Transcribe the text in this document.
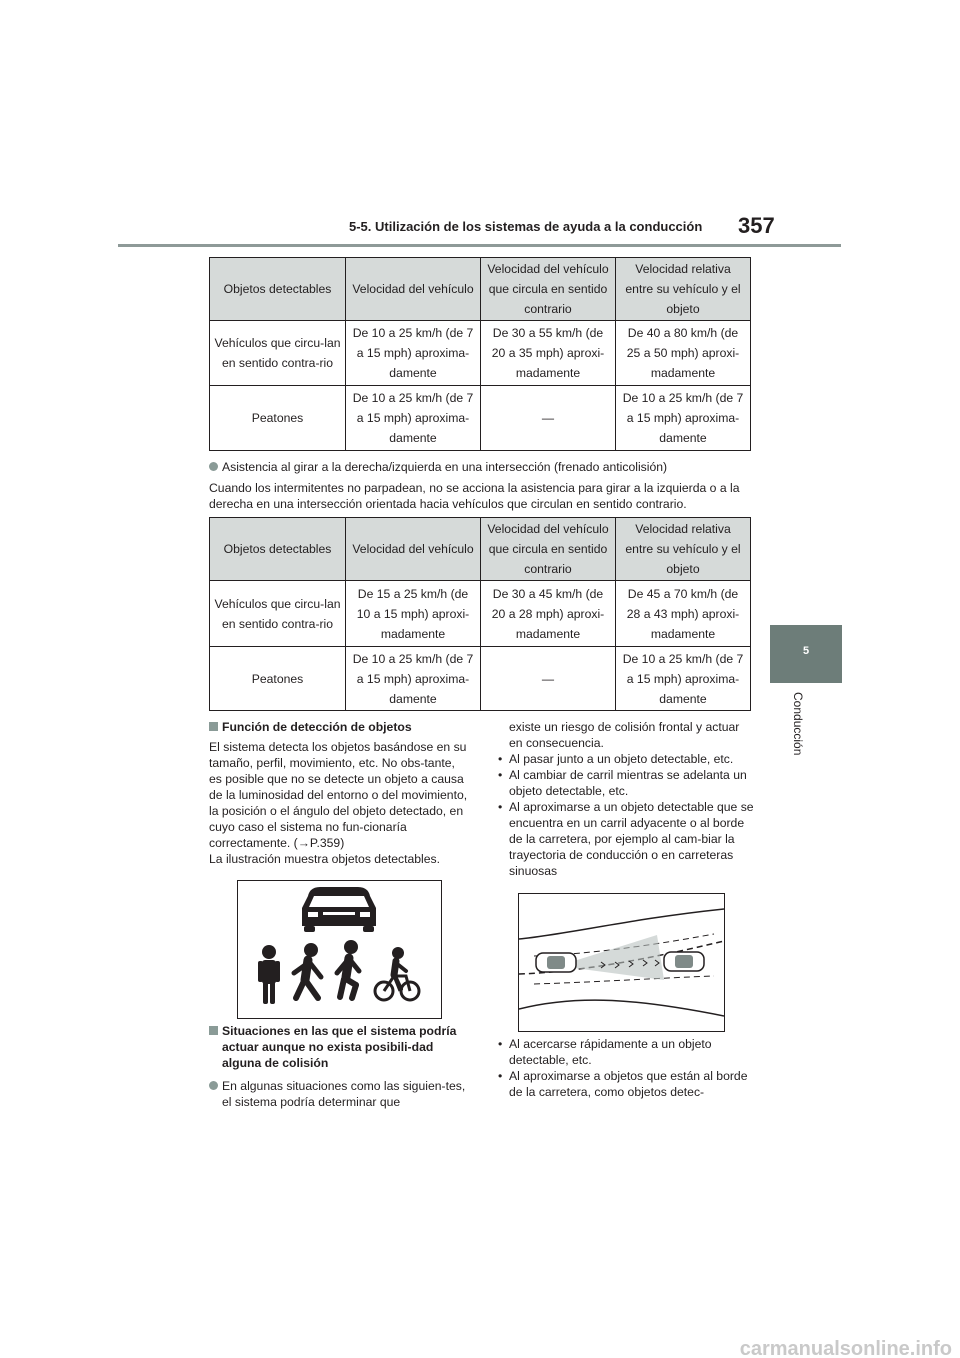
5-5. Utilización de los sistemas de ayuda a la conducción 357
5
Conducción
Objetos detectables	Velocidad del vehículo	Velocidad del vehículo que circula en sentido contrario	Velocidad relativa entre su vehículo y el objeto
Vehículos que circu-lan en sentido contra-rio	De 10 a 25 km/h (de 7 a 15 mph) aproxima-damente	De 30 a 55 km/h (de 20 a 35 mph) aproxi-madamente	De 40 a 80 km/h (de 25 a 50 mph) aproxi-madamente
Peatones	De 10 a 25 km/h (de 7 a 15 mph) aproxima-damente	—	De 10 a 25 km/h (de 7 a 15 mph) aproxima-damente
Asistencia al girar a la derecha/izquierda en una intersección (frenado anticolisión)
Cuando los intermitentes no parpadean, no se acciona la asistencia para girar a la izquierda o a la derecha en una intersección orientada hacia vehículos que circulan en sentido contrario.
Objetos detectables	Velocidad del vehículo	Velocidad del vehículo que circula en sentido contrario	Velocidad relativa entre su vehículo y el objeto
Vehículos que circu-lan en sentido contra-rio	De 15 a 25 km/h (de 10 a 15 mph) aproxi-madamente	De 30 a 45 km/h (de 20 a 28 mph) aproxi-madamente	De 45 a 70 km/h (de 28 a 43 mph) aproxi-madamente
Peatones	De 10 a 25 km/h (de 7 a 15 mph) aproxima-damente	—	De 10 a 25 km/h (de 7 a 15 mph) aproxima-damente
Función de detección de objetos
El sistema detecta los objetos basándose en su tamaño, perfil, movimiento, etc. No obs-tante, es posible que no se detecte un objeto a causa de la luminosidad del entorno o del movimiento, la posición o el ángulo del objeto detectado, en cuyo caso el sistema no fun-cionaría correctamente. (→P.359)
La ilustración muestra objetos detectables.
Situaciones en las que el sistema podría actuar aunque no exista posibili-dad alguna de colisión
En algunas situaciones como las siguien-tes, el sistema podría determinar que
existe un riesgo de colisión frontal y actuar en consecuencia.
• Al pasar junto a un objeto detectable, etc.
• Al cambiar de carril mientras se adelanta un objeto detectable, etc.
• Al aproximarse a un objeto detectable que se encuentra en un carril adyacente o al borde de la carretera, por ejemplo al cam-biar la trayectoria de conducción o en carreteras sinuosas
• Al acercarse rápidamente a un objeto detectable, etc.
• Al aproximarse a objetos que están al borde de la carretera, como objetos detec-
carmanualsonline.info
